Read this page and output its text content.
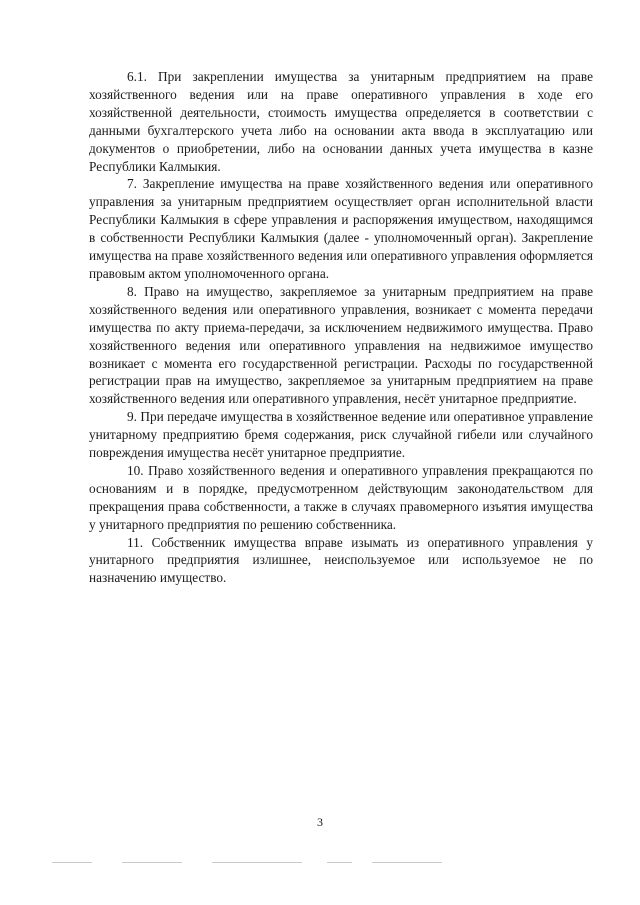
6.1. При закреплении имущества за унитарным предприятием на праве хозяйственного ведения или на праве оперативного управления в ходе его хозяйственной деятельности, стоимость имущества определяется в соответствии с данными бухгалтерского учета либо на основании акта ввода в эксплуатацию или документов о приобретении, либо на основании данных учета имущества в казне Республики Калмыкия.

7. Закрепление имущества на праве хозяйственного ведения или оперативного управления за унитарным предприятием осуществляет орган исполнительной власти Республики Калмыкия в сфере управления и распоряжения имуществом, находящимся в собственности Республики Калмыкия (далее - уполномоченный орган). Закрепление имущества на праве хозяйственного ведения или оперативного управления оформляется правовым актом уполномоченного органа.

8. Право на имущество, закрепляемое за унитарным предприятием на праве хозяйственного ведения или оперативного управления, возникает с момента передачи имущества по акту приема-передачи, за исключением недвижимого имущества. Право хозяйственного ведения или оперативного управления на недвижимое имущество возникает с момента его государственной регистрации. Расходы по государственной регистрации прав на имущество, закрепляемое за унитарным предприятием на праве хозяйственного ведения или оперативного управления, несёт унитарное предприятие.

9. При передаче имущества в хозяйственное ведение или оперативное управление унитарному предприятию бремя содержания, риск случайной гибели или случайного повреждения имущества несёт унитарное предприятие.

10. Право хозяйственного ведения и оперативного управления прекращаются по основаниям и в порядке, предусмотренном действующим законодательством для прекращения права собственности, а также в случаях правомерного изъятия имущества у унитарного предприятия по решению собственника.

11. Собственник имущества вправе изымать из оперативного управления у унитарного предприятия излишнее, неиспользуемое или используемое не по назначению имущество.

3
